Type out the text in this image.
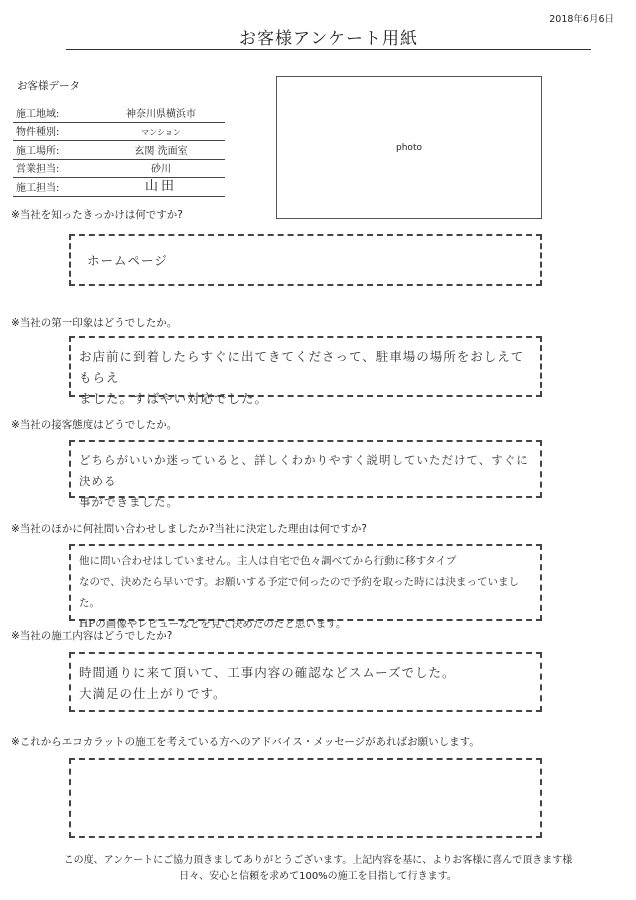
2018年6月6日
お客様アンケート用紙
お客様データ
施工地域:	神奈川県横浜市
物件種別:	マンション
施工場所:	玄関 洗面室
営業担当:	砂川
施工担当:	山田
photo
※当社を知ったきっかけは何ですか?
ホームページ
※当社の第一印象はどうでしたか。
お店前に到着したらすぐに出てきてくださって、駐車場の場所をおしえてもらえ
ました。すばやい対応でした。
※当社の接客態度はどうでしたか。
どちらがいいか迷っていると、詳しくわかりやすく説明していただけて、すぐに決める
事ができました。
※当社のほかに何社問い合わせしましたか?当社に決定した理由は何ですか?
他に問い合わせはしていません。主人は自宅で色々調べてから行動に移すタイプ
なので、決めたら早いです。お願いする予定で伺ったので予約を取った時には決まっていました。
HPの画像やレビューなどを見て決めたのだと思います。
※当社の施工内容はどうでしたか?
時間通りに来て頂いて、工事内容の確認などスムーズでした。
大満足の仕上がりです。
※これからエコカラットの施工を考えている方へのアドバイス・メッセージがあればお願いします。
この度、アンケートにご協力頂きましてありがとうございます。上記内容を基に、よりお客様に喜んで頂きます様
日々、安心と信頼を求めて100%の施工を目指して行きます。
